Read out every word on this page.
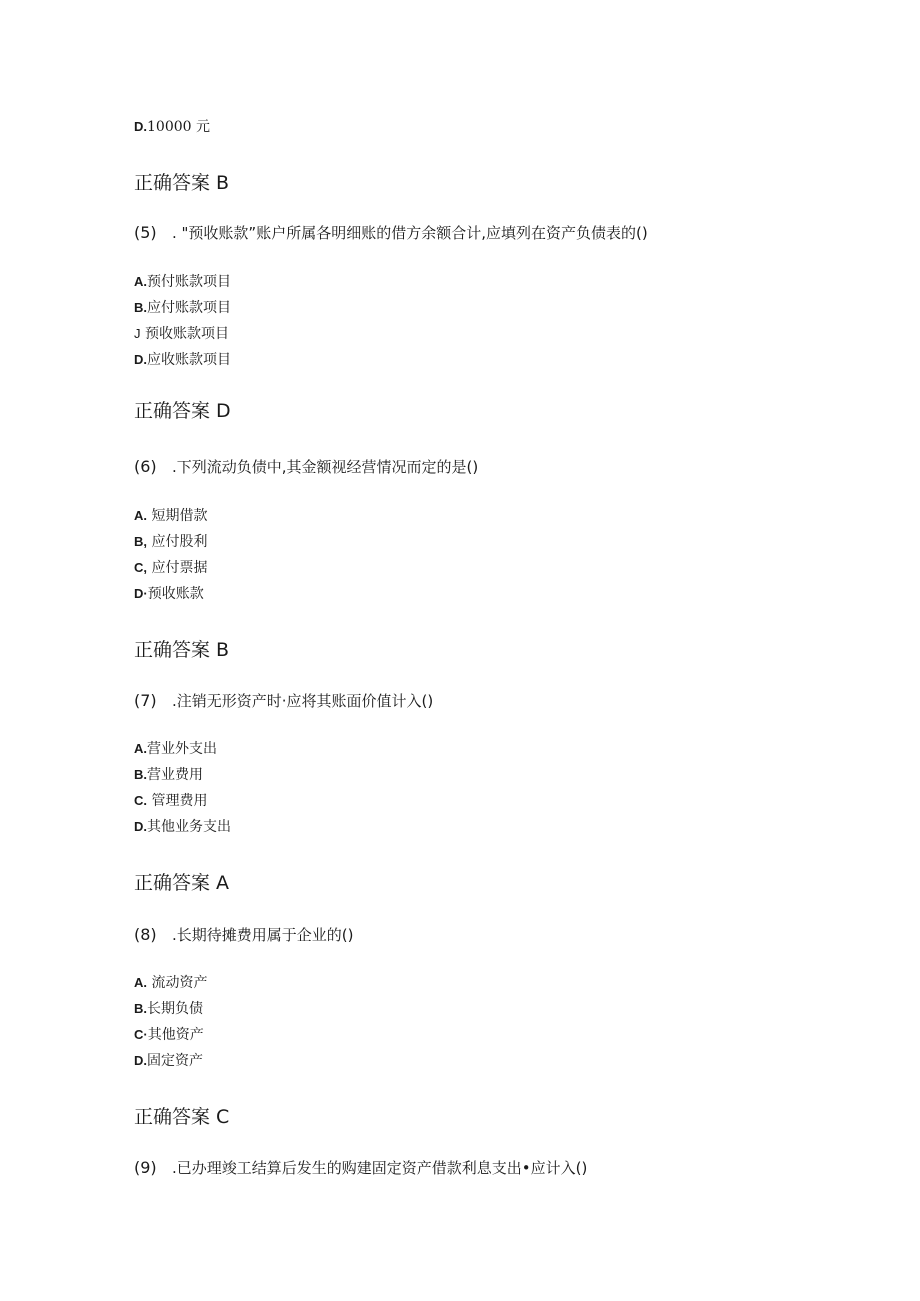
D.10000 元
正确答案 B
(5) . "预收账款”账户所属各明细账的借方余额合计,应填列在资产负债表的()
A.预付账款项目
B.应付账款项目
J 预收账款项目
D.应收账款项目
正确答案 D
(6) .下列流动负债中,其金额视经营情况而定的是()
A. 短期借款
B, 应付股利
C, 应付票据
D·预收账款
正确答案 B
(7) .注销无形资产时·应将其账面价值计入()
A.营业外支出
B.营业费用
C. 管理费用
D.其他业务支出
正确答案 A
(8) .长期待摊费用属于企业的()
A. 流动资产
B.长期负债
C·其他资产
D.固定资产
正确答案 C
(9) .已办理竣工结算后发生的购建固定资产借款利息支出•应计入()
